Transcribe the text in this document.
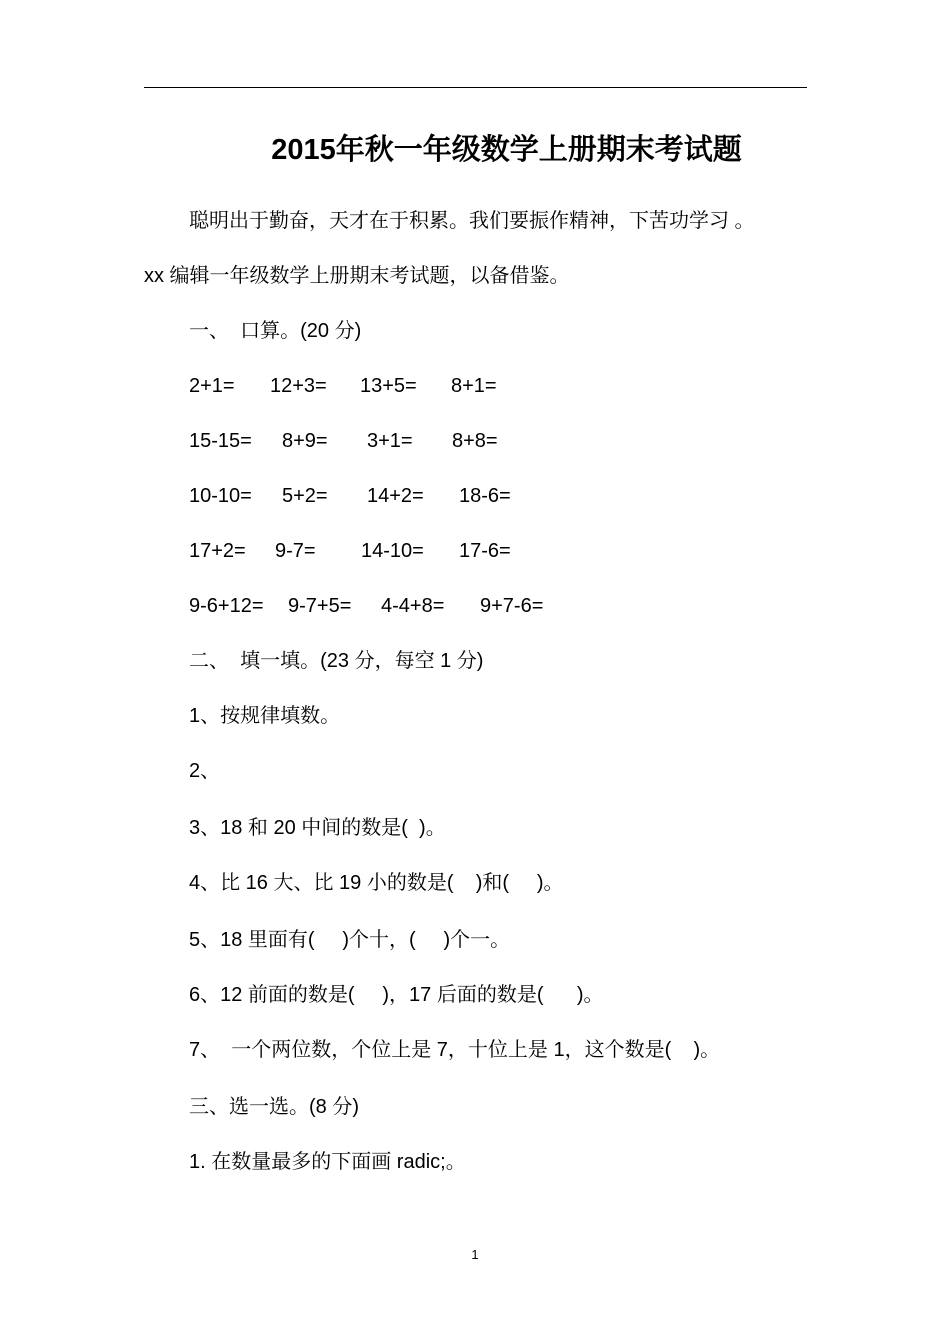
2015年秋一年级数学上册期末考试题
聪明出于勤奋，天才在于积累。我们要振作精神，下苦功学习 。
xx 编辑一年级数学上册期末考试题，以备借鉴。
一、  口算。(20 分)
2+1= 12+3= 13+5= 8+1=
15-15= 8+9= 3+1= 8+8=
10-10= 5+2= 14+2= 18-6=
17+2= 9-7= 14-10= 17-6=
9-6+12= 9-7+5= 4-4+8= 9+7-6=
二、  填一填。(23 分，每空 1 分)
1、按规律填数。
2、
3、18 和 20 中间的数是(  )。
4、比 16 大、比 19 小的数是(    )和(     )。
5、18 里面有(     )个十，(     )个一。
6、12 前面的数是(     )，17 后面的数是(      )。
7、  一个两位数，个位上是 7，十位上是 1，这个数是(    )。
三、选一选。(8 分)
1. 在数量最多的下面画 radic;。
1
